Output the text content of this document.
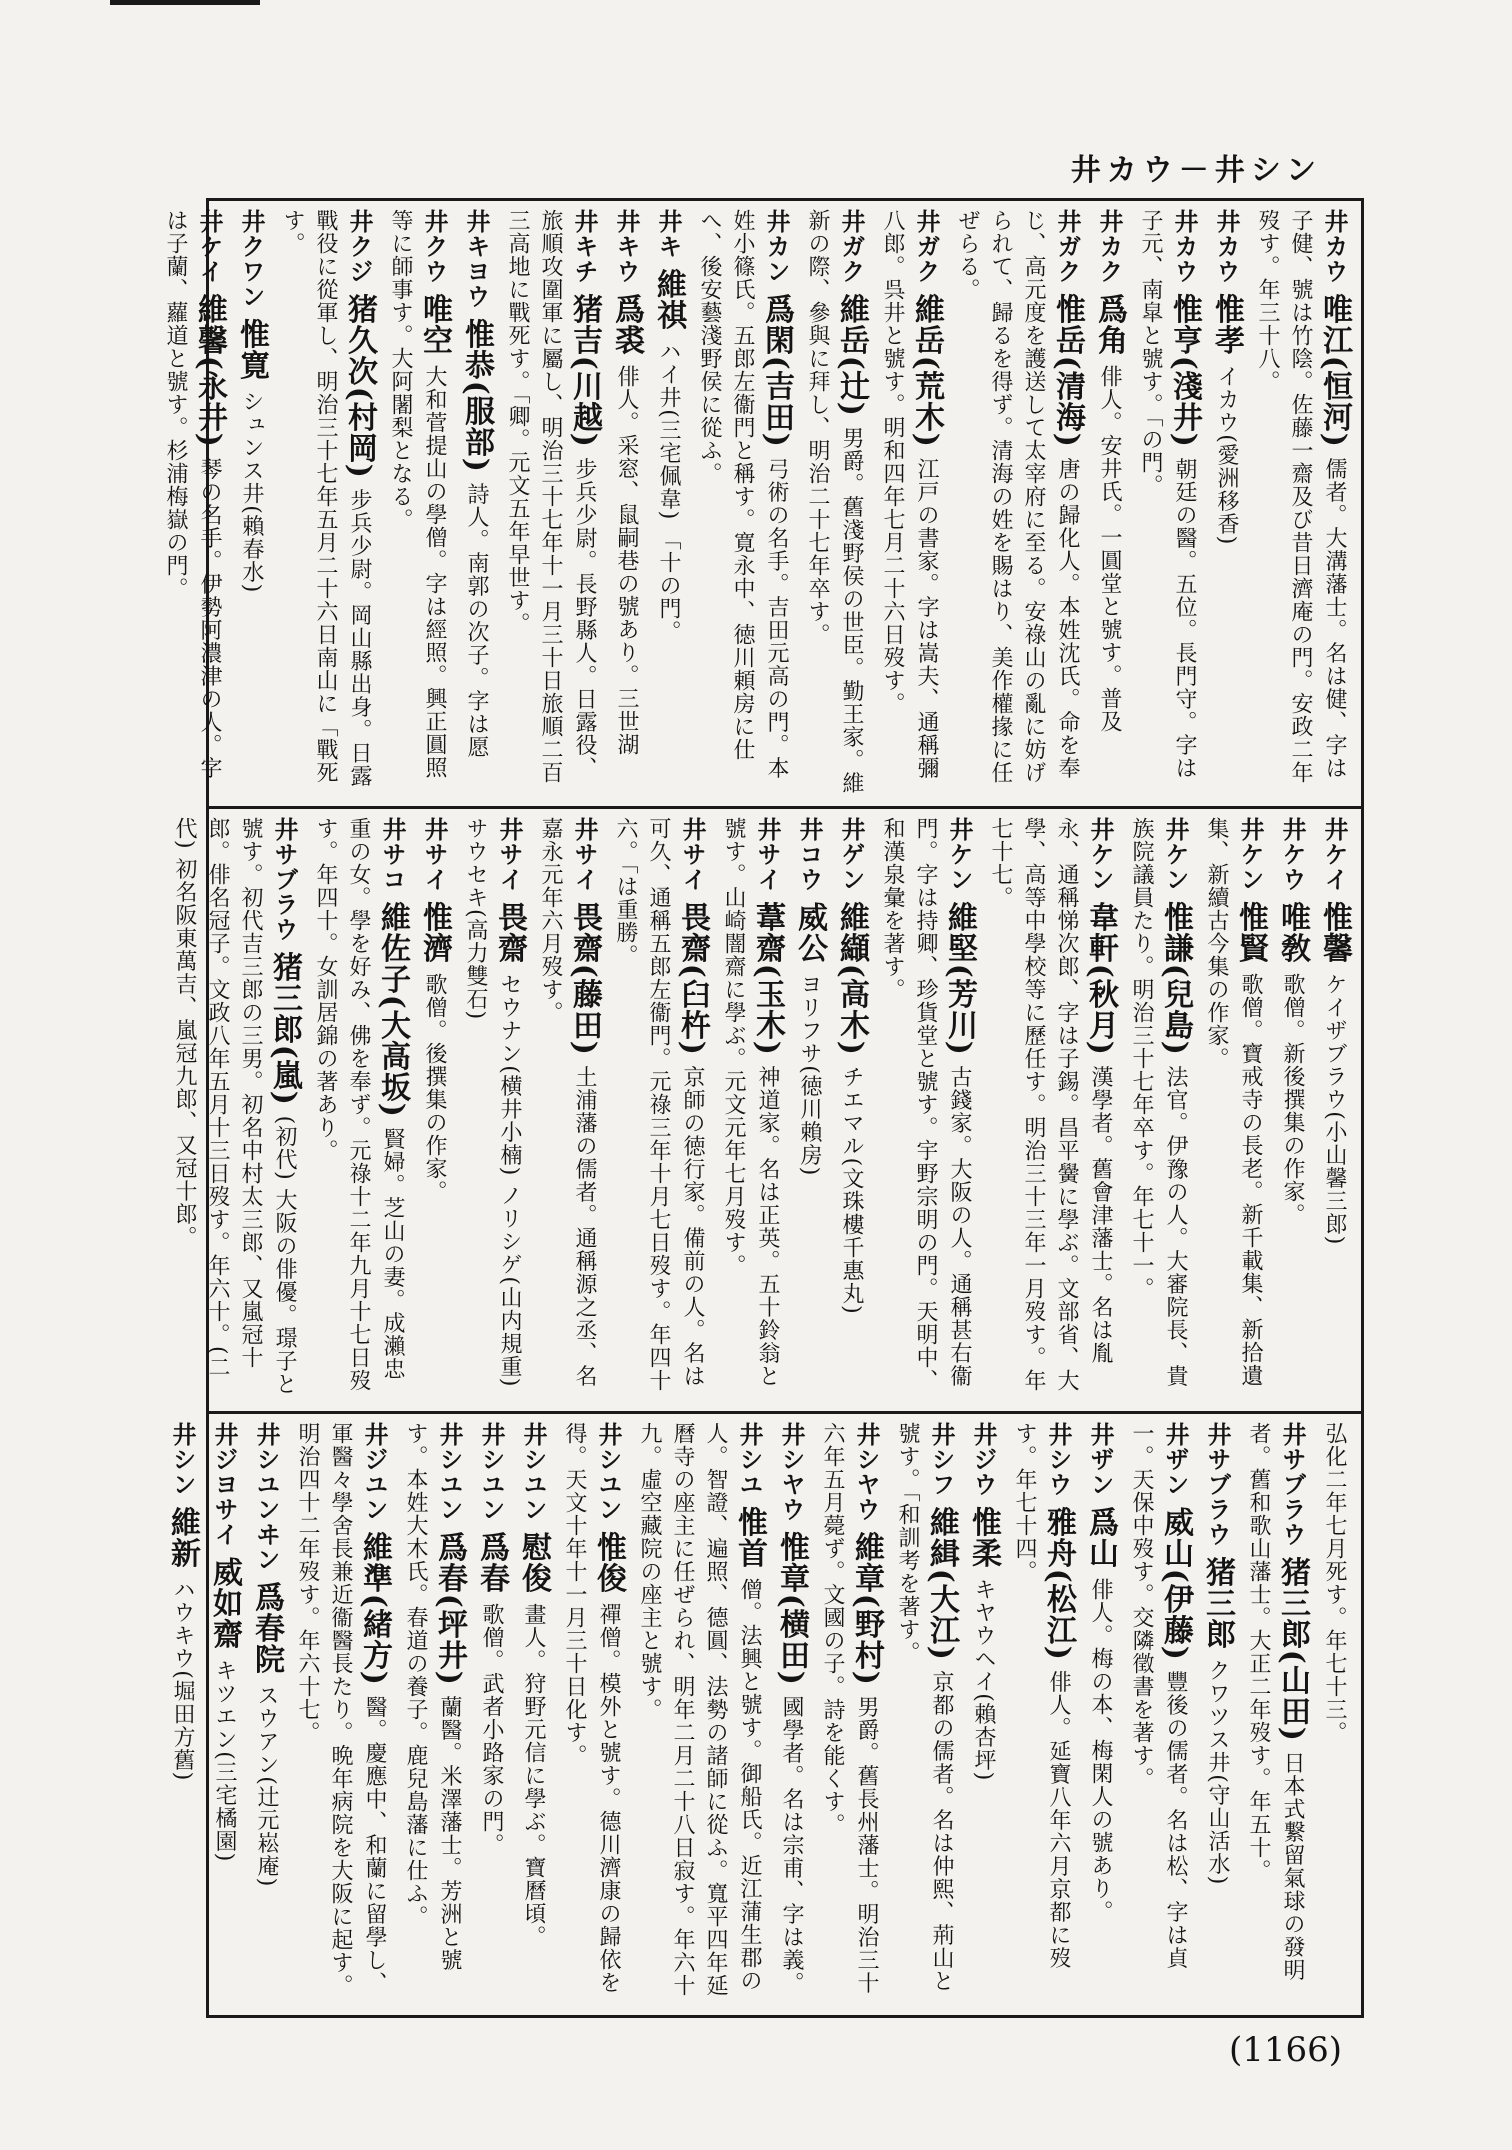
井カウ－井シン
井カウ 唯江(恒河) 儒者。大溝藩士。名は健、字は子健、號は竹陰。佐藤一齋及び昔日濟庵の門。安政二年歿す。年三十八。
井カウ 惟孝 イカウ(愛洲移香)
井カウ 惟亨(淺井) 朝廷の醫。五位。長門守。字は子元、南皐と號す。「の門。
井カク 爲角 俳人。安井氏。一圓堂と號す。普及
井ガク 惟岳(清海) 唐の歸化人。本姓沈氏。命を奉じ、高元度を護送して太宰府に至る。安祿山の亂に妨げられて、歸るを得ず。清海の姓を賜はり、美作權掾に任ぜらる。
井ガク 維岳(荒木) 江戸の書家。字は嵩夫、通稱彌八郎。呉井と號す。明和四年七月二十六日歿す。
井ガク 維岳(辻) 男爵。舊淺野侯の世臣。勤王家。維新の際、參與に拜し、明治二十七年卒す。
井カン 爲閑(吉田) 弓術の名手。吉田元高の門。本姓小篠氏。五郎左衞門と稱す。寛永中、徳川頼房に仕へ、後安藝淺野侯に從ふ。
井キ 維祺 ハイ井(三宅佩韋) 「十の門。
井キウ 爲裘 俳人。采窓、鼠嗣巷の號あり。三世湖
井キチ 猪吉(川越) 步兵少尉。長野縣人。日露役、旅順攻圍軍に屬し、明治三十七年十一月三十日旅順二百三高地に戰死す。「卿。元文五年早世す。
井キヨウ 惟恭(服部) 詩人。南郭の次子。字は愿
井クウ 唯空 大和菅提山の學僧。字は經照。興正圓照等に師事す。大阿闍梨となる。
井クジ 猪久次(村岡) 步兵少尉。岡山縣出身。日露戰役に從軍し、明治三十七年五月二十六日南山に「戰死す。
井クワン 惟寛 シュンス井(賴春水)
井ケイ 維馨(永井) 琴の名手。伊勢阿濃津の人。字は子蘭、蘿道と號す。杉浦梅嶽の門。
井ケイ 惟馨 ケイザブラウ(小山馨三郎)
井ケウ 唯敎 歌僧。新後撰集の作家。
井ケン 惟賢 歌僧。寶戒寺の長老。新千載集、新拾遺集、新續古今集の作家。
井ケン 惟謙(兒島) 法官。伊豫の人。大審院長、貴族院議員たり。明治三十七年卒す。年七十一。
井ケン 韋軒(秋月) 漢學者。舊會津藩士。名は胤永、通稱悌次郎、字は子錫。昌平黌に學ぶ。文部省、大學、高等中學校等に歷任す。明治三十三年一月歿す。年七十七。
井ケン 維堅(芳川) 古錢家。大阪の人。通稱甚右衞門。字は持卿、珍貨堂と號す。宇野宗明の門。天明中、和漢泉彙を著す。
井ゲン 維纈(高木) チエマル(文珠樓千惠丸)
井コウ 威公 ヨリフサ(徳川賴房)
井サイ 葦齋(玉木) 神道家。名は正英。五十鈴翁と號す。山崎闇齋に學ぶ。元文元年七月歿す。
井サイ 畏齋(臼杵) 京師の徳行家。備前の人。名は可久、通稱五郎左衞門。元祿三年十月七日歿す。年四十六。「は重勝。
井サイ 畏齋(藤田) 土浦藩の儒者。通稱源之丞、名嘉永元年六月歿す。
井サイ 畏齋 セウナン(横井小楠) ノリシゲ(山内規重) サウセキ(高力雙石)
井サイ 惟濟 歌僧。後撰集の作家。
井サコ 維佐子(大高坂) 賢婦。芝山の妻。成瀨忠重の女。學を好み、佛を奉ず。元祿十二年九月十七日歿す。年四十。女訓居錦の著あり。
井サブラウ 猪三郎(嵐) (初代) 大阪の俳優。璟子と號す。初代吉三郎の三男。初名中村太三郎、又嵐冠十郎。俳名冠子。文政八年五月十三日歿す。年六十。(二代) 初名阪東萬吉、嵐冠九郎、又冠十郎。
弘化二年七月死す。年七十三。
井サブラウ 猪三郎(山田) 日本式繋留氣球の發明者。舊和歌山藩士。大正二年歿す。年五十。
井サブラウ 猪三郎 クワツス井(守山活水)
井ザン 威山(伊藤) 豐後の儒者。名は松、字は貞一。天保中歿す。交隣徵書を著す。
井ザン 爲山 俳人。梅の本、梅閑人の號あり。
井シウ 雅舟(松江) 俳人。延寶八年六月京都に歿す。年七十四。
井ジウ 惟柔 キヤウヘイ(賴杏坪)
井シフ 維緝(大江) 京都の儒者。名は仲熙、荊山と號す。「和訓考を著す。
井シヤウ 維章(野村) 男爵。舊長州藩士。明治三十六年五月薨ず。文國の子。詩を能くす。
井シヤウ 惟章(横田) 國學者。名は宗甫、字は義。
井シユ 惟首 僧。法興と號す。御船氏。近江蒲生郡の人。智證、遍照、德圓、法勢の諸師に從ふ。寬平四年延曆寺の座主に任ぜられ、明年二月二十八日寂す。年六十九。虛空藏院の座主と號す。
井シユン 惟俊 禪僧。模外と號す。德川濟康の歸依を得。天文十年十一月三十日化す。
井シユン 慰俊 畫人。狩野元信に學ぶ。寶曆頃。
井シユン 爲春 歌僧。武者小路家の門。
井シユン 爲春(坪井) 蘭醫。米澤藩士。芳洲と號す。本姓大木氏。春道の養子。鹿兒島藩に仕ふ。
井ジユン 維準(緒方) 醫。慶應中、和蘭に留學し、軍醫々學舍長兼近衞醫長たり。晩年病院を大阪に起す。明治四十二年歿す。年六十七。
井シユンヰン 爲春院 スウアン(辻元崧庵)
井ジヨサイ 威如齋 キツエン(三宅橘園)
井シン 維新 ハウキウ(堀田方舊)
(1166)
